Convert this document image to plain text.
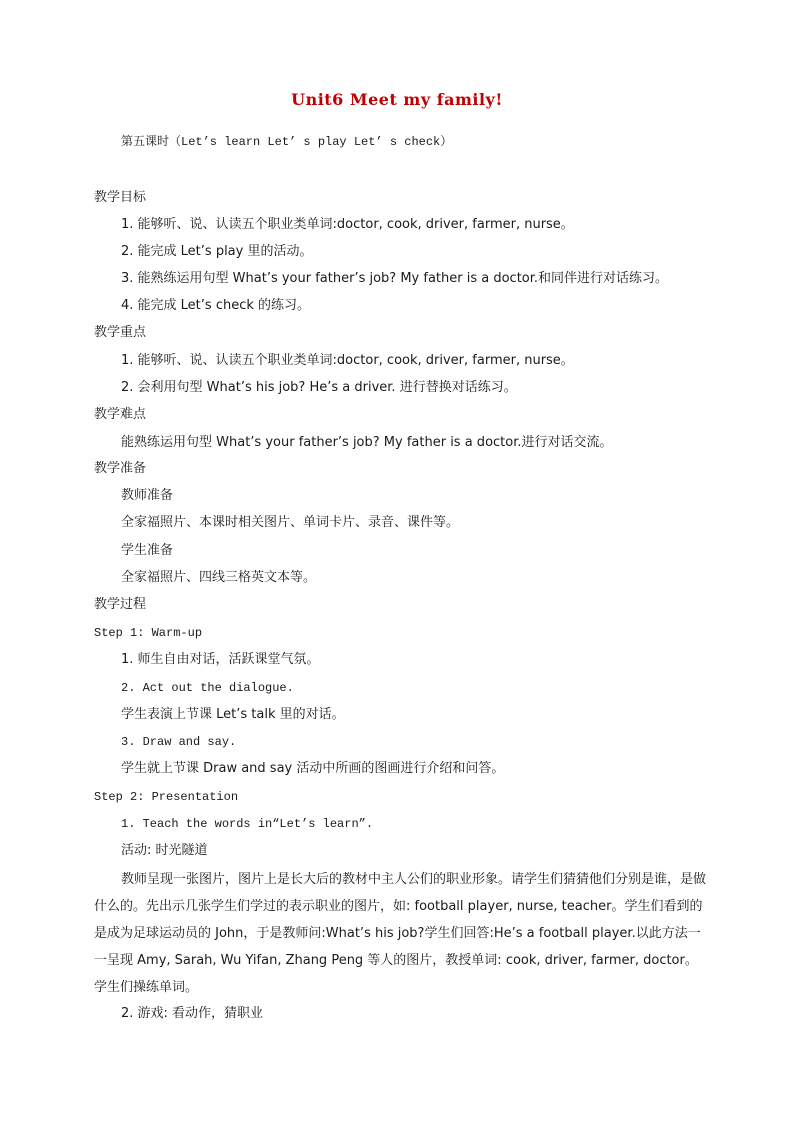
Unit6 Meet my family!
第五课时（Let’s learn Let’ s play Let’ s check）
教学目标
1. 能够听、说、认读五个职业类单词:doctor, cook, driver, farmer, nurse。
2. 能完成 Let’s play 里的活动。
3. 能熟练运用句型 What’s your father’s job? My father is a doctor.和同伴进行对话练习。
4. 能完成 Let’s check 的练习。
教学重点
1. 能够听、说、认读五个职业类单词:doctor, cook, driver, farmer, nurse。
2. 会利用句型 What’s his job? He’s a driver. 进行替换对话练习。
教学难点
能熟练运用句型 What’s your father’s job? My father is a doctor.进行对话交流。
教学准备
教师准备
全家福照片、本课时相关图片、单词卡片、录音、课件等。
学生准备
全家福照片、四线三格英文本等。
教学过程
Step 1: Warm-up
1. 师生自由对话，活跃课堂气氛。
2. Act out the dialogue.
学生表演上节课 Let’s talk 里的对话。
3. Draw and say.
学生就上节课 Draw and say 活动中所画的图画进行介绍和问答。
Step 2: Presentation
1. Teach the words in“Let’s learn”.
活动: 时光隧道
教师呈现一张图片，图片上是长大后的教材中主人公们的职业形象。请学生们猜猜他们分别是谁，是做什么的。先出示几张学生们学过的表示职业的图片，如: football player, nurse, teacher。学生们看到的是成为足球运动员的 John，于是教师问:What’s his job?学生们回答:He’s a football player.以此方法一一呈现 Amy, Sarah, Wu Yifan, Zhang Peng 等人的图片，教授单词: cook, driver, farmer, doctor。学生们操练单词。
2. 游戏: 看动作，猜职业
